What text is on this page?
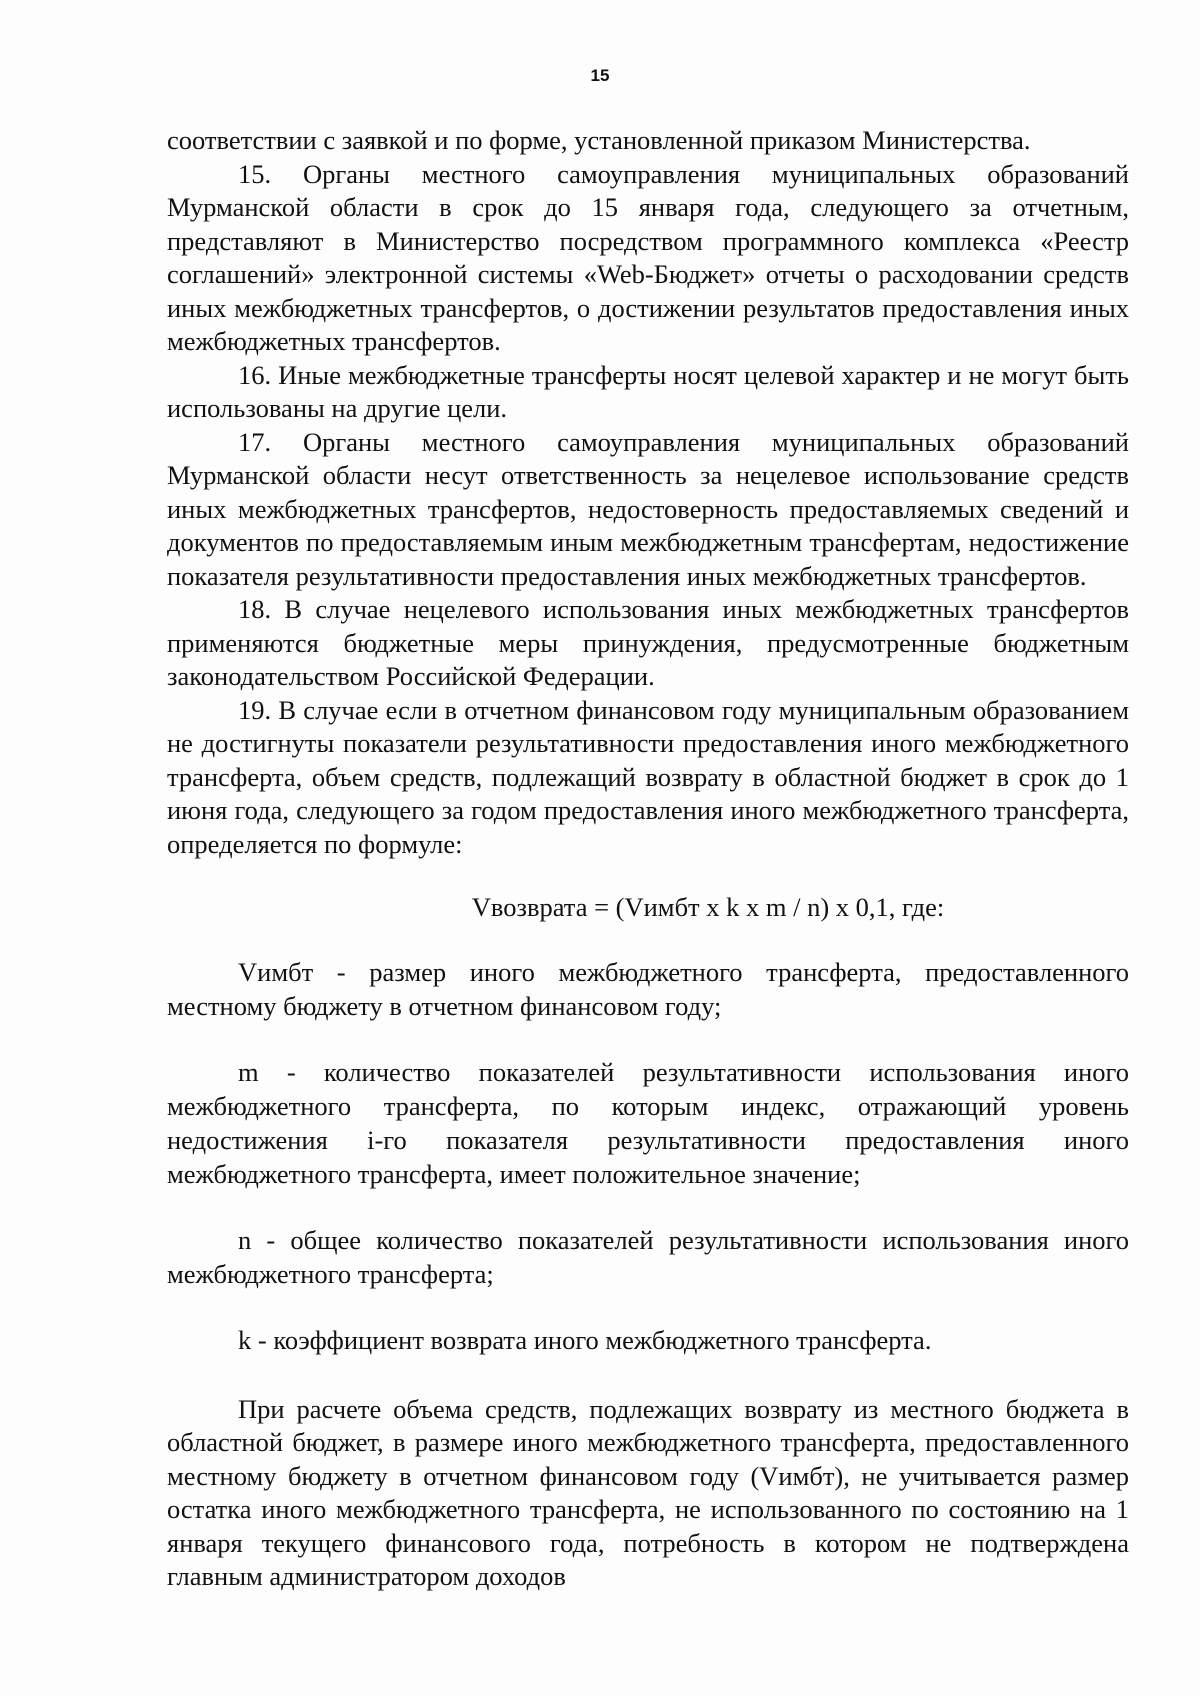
15

соответствии с заявкой и по форме, установленной приказом Министерства.

15. Органы местного самоуправления муниципальных образований Мурманской области в срок до 15 января года, следующего за отчетным, представляют в Министерство посредством программного комплекса «Реестр соглашений» электронной системы «Web-Бюджет» отчеты о расходовании средств иных межбюджетных трансфертов, о достижении результатов предоставления иных межбюджетных трансфертов.

16. Иные межбюджетные трансферты носят целевой характер и не могут быть использованы на другие цели.

17. Органы местного самоуправления муниципальных образований Мурманской области несут ответственность за нецелевое использование средств иных межбюджетных трансфертов, недостоверность предоставляемых сведений и документов по предоставляемым иным межбюджетным трансфертам, недостижение показателя результативности предоставления иных межбюджетных трансфертов.

18. В случае нецелевого использования иных межбюджетных трансфертов применяются бюджетные меры принуждения, предусмотренные бюджетным законодательством Российской Федерации.

19. В случае если в отчетном финансовом году муниципальным образованием не достигнуты показатели результативности предоставления иного межбюджетного трансферта, объем средств, подлежащий возврату в областной бюджет в срок до 1 июня года, следующего за годом предоставления иного межбюджетного трансферта, определяется по формуле:

Vвозврата = (Vимбт x k x m / n) x 0,1, где:

Vимбт - размер иного межбюджетного трансферта, предоставленного местному бюджету в отчетном финансовом году;

m - количество показателей результативности использования иного межбюджетного трансферта, по которым индекс, отражающий уровень недостижения i-го показателя результативности предоставления иного межбюджетного трансферта, имеет положительное значение;

n - общее количество показателей результативности использования иного межбюджетного трансферта;

k - коэффициент возврата иного межбюджетного трансферта.

При расчете объема средств, подлежащих возврату из местного бюджета в областной бюджет, в размере иного межбюджетного трансферта, предоставленного местному бюджету в отчетном финансовом году (Vимбт), не учитывается размер остатка иного межбюджетного трансферта, не использованного по состоянию на 1 января текущего финансового года, потребность в котором не подтверждена главным администратором доходов
